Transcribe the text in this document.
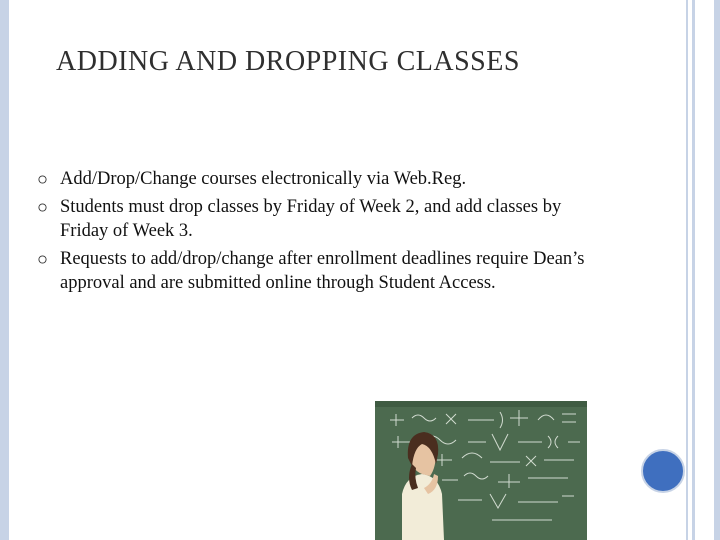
ADDING AND DROPPING CLASSES
Add/Drop/Change courses electronically via Web.Reg.
Students must drop classes by Friday of Week 2, and add classes by Friday of Week 3.
Requests to add/drop/change after enrollment deadlines require Dean’s approval and are submitted online through Student Access.
